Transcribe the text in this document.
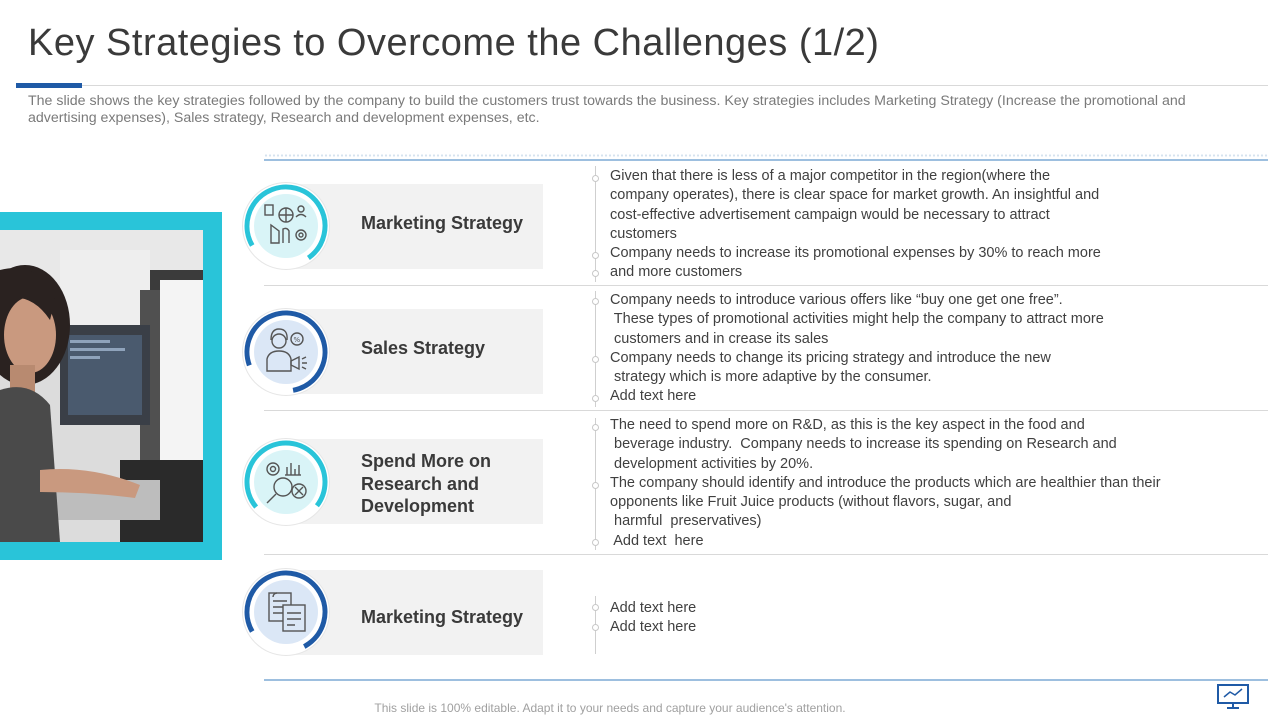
Key Strategies to Overcome the Challenges (1/2)

The slide shows the key strategies followed by the company to build the customers trust towards the business. Key strategies includes Marketing Strategy (Increase the promotional and advertising expenses), Sales strategy, Research and development expenses, etc.

Marketing Strategy
Given that there is less of a major competitor in the region(where the
company operates), there is clear space for market growth. An insightful and
cost-effective advertisement campaign would be necessary to attract
customers
Company needs to increase its promotional expenses by 30% to reach more
and more customers
%	Sales Strategy
Company needs to introduce various offers like “buy one get one free”.
These types of promotional activities might help the company to attract more
customers and in crease its sales
Company needs to change its pricing strategy and introduce the new
strategy which is more adaptive by the consumer.
Add text here
Spend More on
Research and
Development
The need to spend more on R&D, as this is the key aspect in the food and
beverage industry.  Company needs to increase its spending on Research and
development activities by 20%.
The company should identify and introduce the products which are healthier than their
opponents like Fruit Juice products (without flavors, sugar, and
harmful  preservatives)
Add text  here
Marketing Strategy	Add text here
Add text here
This slide is 100% editable. Adapt it to your needs and capture your audience's attention.
